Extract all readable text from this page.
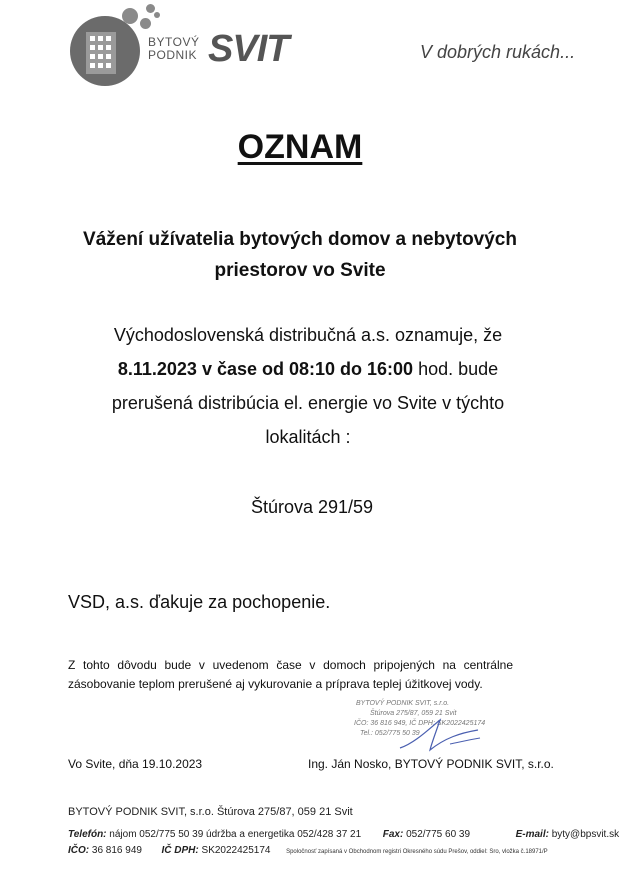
BYTOVÝ
PODNIK SVIT	V dobrých rukách...
OZNAM
Vážení užívatelia bytových domov a nebytových
priestorov vo Svite
Východoslovenská distribučná a.s. oznamuje, že
8.11.2023 v čase od 08:10 do 16:00 hod. bude
prerušená distribúcia el. energie vo Svite v týchto
lokalitách :
Štúrova 291/59
VSD, a.s. ďakuje za pochopenie.
Z tohto dôvodu bude v uvedenom čase v domoch pripojených na centrálne zásobovanie teplom prerušené aj vykurovanie a príprava teplej úžitkovej vody.
BYTOVÝ PODNIK SVIT, s.r.o.
Štúrova 275/87, 059 21 Svit
IČO: 36 816 949, IČ DPH: SK2022425174
Tel.: 052/775 50 39
Vo Svite, dňa 19.10.2023	Ing. Ján Nosko, BYTOVÝ PODNIK SVIT, s.r.o.
BYTOVÝ PODNIK SVIT, s.r.o. Štúrova 275/87, 059 21 Svit
Telefón: nájom 052/775 50 39 údržba a energetika 052/428 37 21 Fax: 052/775 60 39	E-mail: byty@bpsvit.sk
IČO: 36 816 949 IČ DPH: SK2022425174	Spoločnosť zapísaná v Obchodnom registri Okresného súdu Prešov, oddiel: Sro, vložka č.18971/P
